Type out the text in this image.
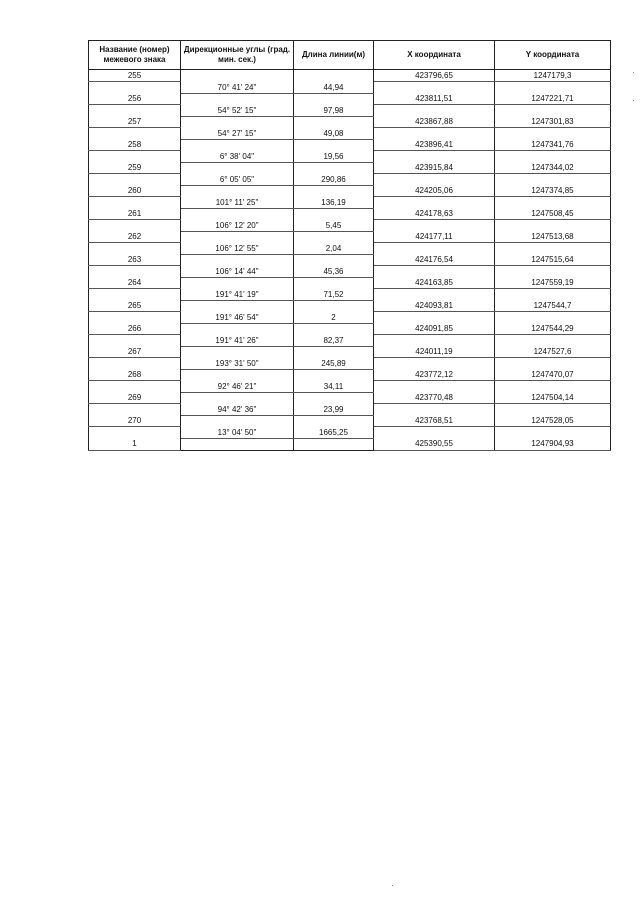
Название (номер) межевого знака	Дирекционные углы (град. мин. сек.)	Длина линии(м)	X координата	Y координата
255			423796,65	1247179,3
	70° 41' 24"	44,94		
256			423811,51	1247221,71
	54° 52' 15"	97,98		
257			423867,88	1247301,83
	54° 27' 15"	49,08		
258			423896,41	1247341,76
	6° 38' 04"	19,56		
259			423915,84	1247344,02
	6° 05' 05"	290,86		
260			424205,06	1247374,85
	101° 11' 25"	136,19		
261			424178,63	1247508,45
	106° 12' 20"	5,45		
262			424177,11	1247513,68
	106° 12' 55"	2,04		
263			424176,54	1247515,64
	106° 14' 44"	45,36		
264			424163,85	1247559,19
	191° 41' 19"	71,52		
265			424093,81	1247544,7
	191° 46' 54"	2		
266			424091,85	1247544,29
	191° 41' 26"	82,37		
267			424011,19	1247527,6
	193° 31' 50"	245,89		
268			423772,12	1247470,07
	92° 46' 21"	34,11		
269			423770,48	1247504,14
	94° 42' 36"	23,99		
270			423768,51	1247528,05
	13° 04' 50"	1665,25		
1			425390,55	1247904,93
